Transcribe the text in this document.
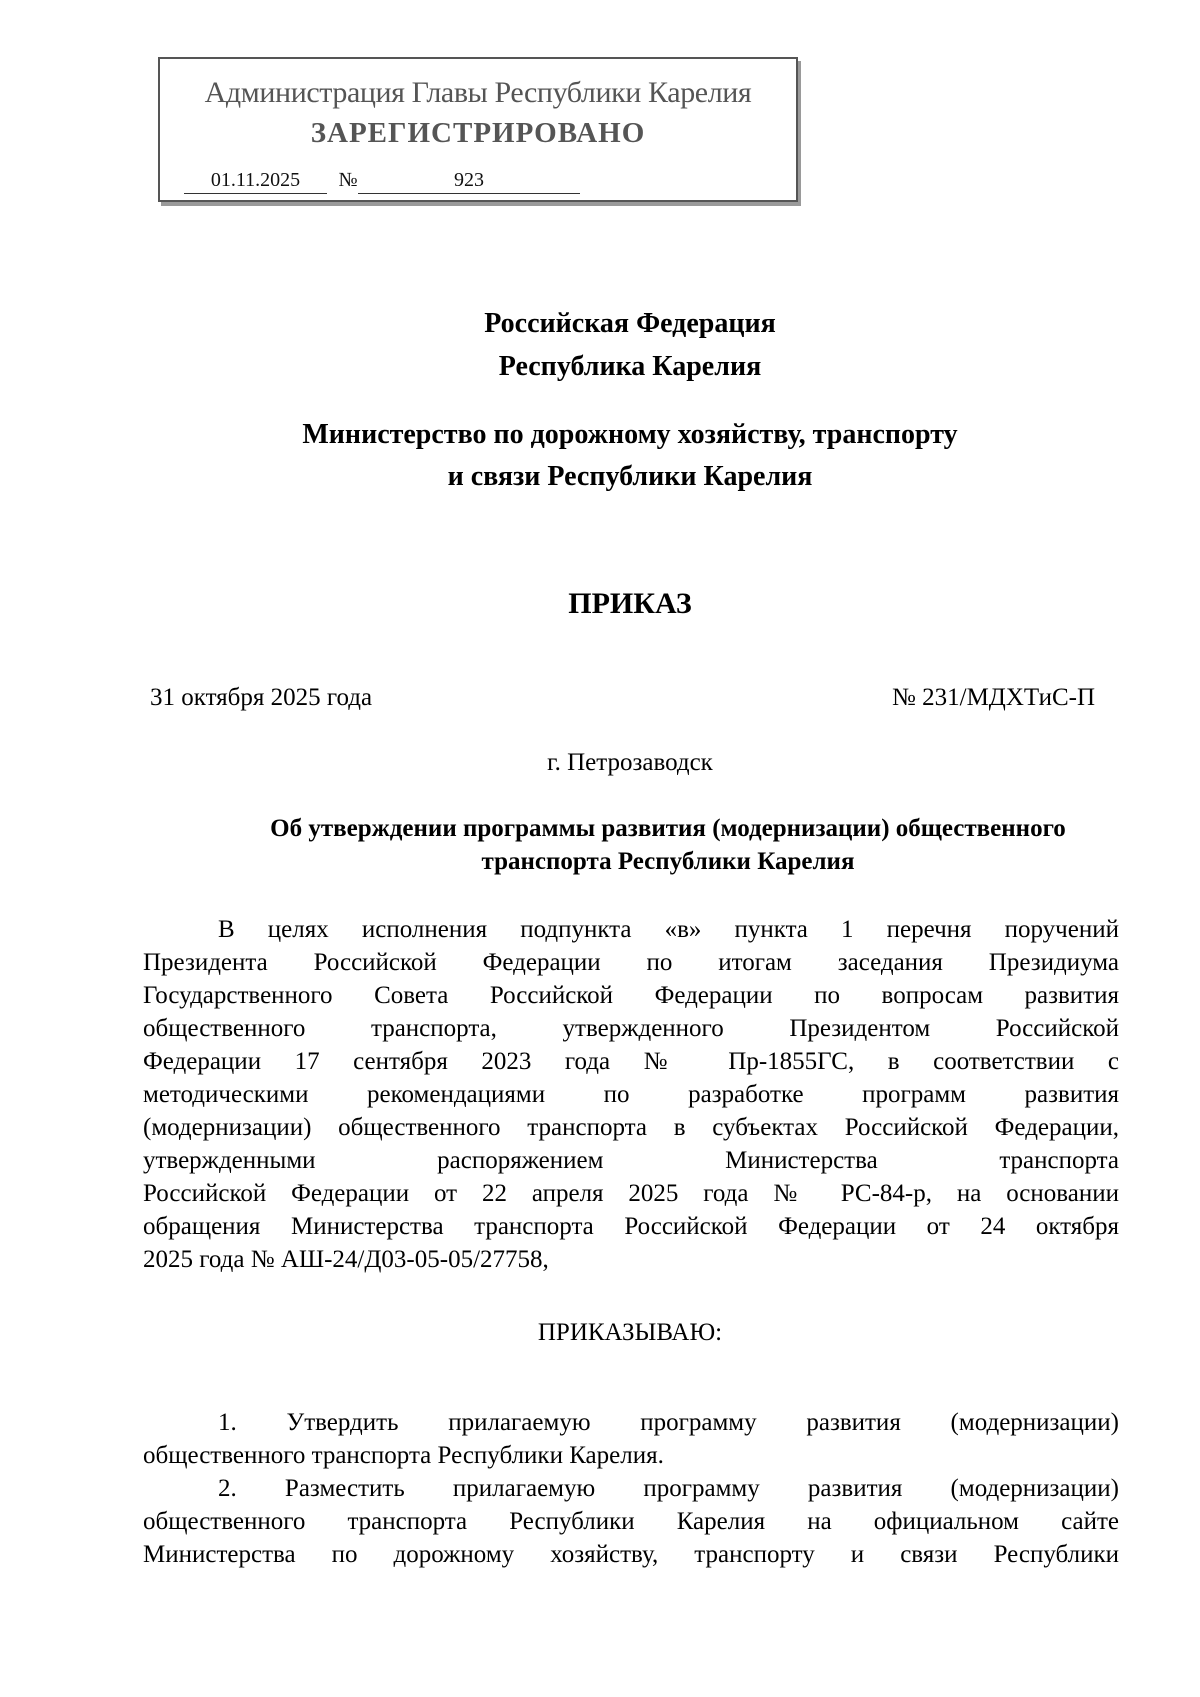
Администрация Главы Республики Карелия
ЗАРЕГИСТРИРОВАНО
01.11.2025	№	923
Российская Федерация
Республика Карелия
Министерство по дорожному хозяйству, транспорту
и связи Республики Карелия
ПРИКАЗ
31 октября 2025 года	№ 231/МДХТиС-П
г. Петрозаводск
Об утверждении программы развития (модернизации) общественного
транспорта Республики Карелия
В целях исполнения подпункта «в» пункта 1 перечня поручений
Президента Российской Федерации по итогам заседания Президиума
Государственного Совета Российской Федерации по вопросам развития
общественного транспорта, утвержденного Президентом Российской
Федерации 17 сентября 2023 года № Пр-1855ГС, в соответствии с
методическими рекомендациями по разработке программ развития
(модернизации) общественного транспорта в субъектах Российской Федерации,
утвержденными распоряжением Министерства транспорта
Российской Федерации от 22 апреля 2025 года № РС-84-р, на основании
обращения Министерства транспорта Российской Федерации от 24 октября
2025 года № АШ-24/Д03-05-05/27758,
ПРИКАЗЫВАЮ:
1. Утвердить прилагаемую программу развития (модернизации)
общественного транспорта Республики Карелия.
2. Разместить прилагаемую программу развития (модернизации)
общественного транспорта Республики Карелия на официальном сайте
Министерства по дорожному хозяйству, транспорту и связи Республики
